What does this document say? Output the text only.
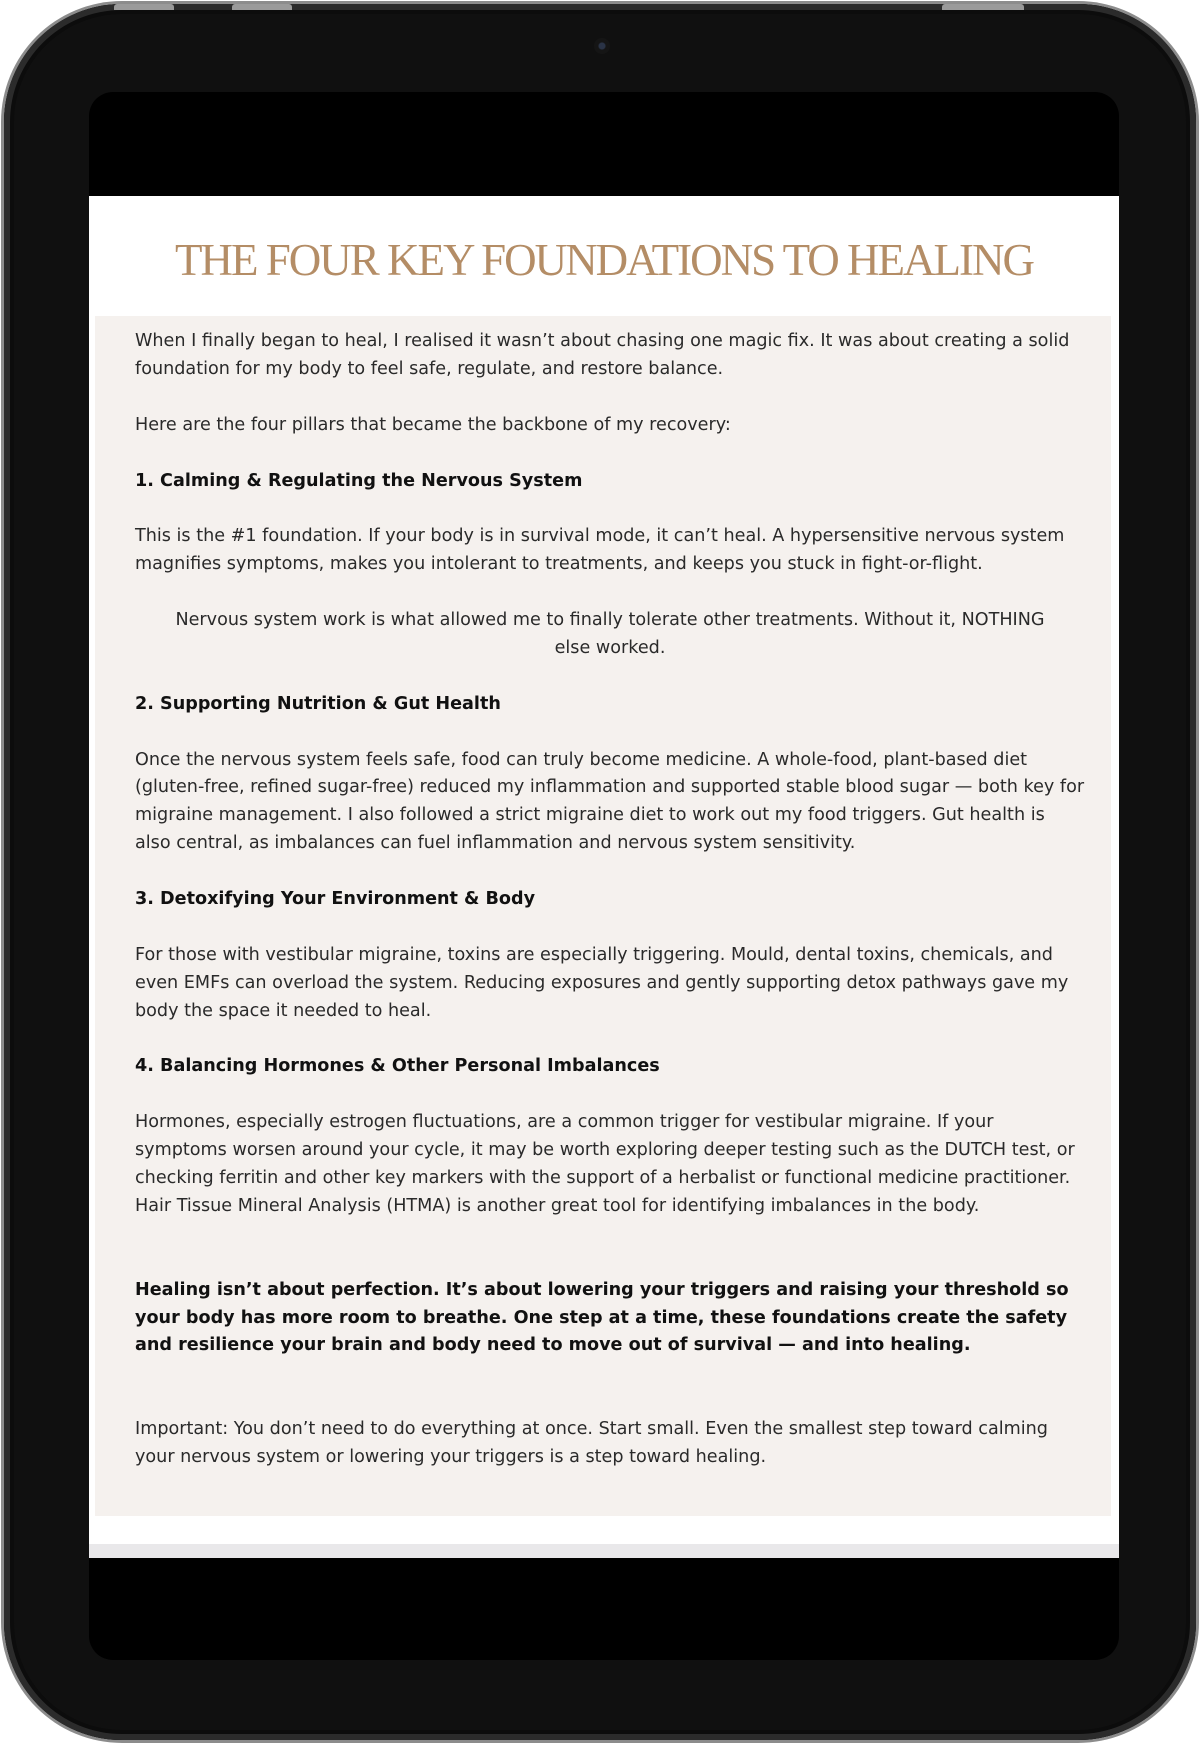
THE FOUR KEY FOUNDATIONS TO HEALING

When I finally began to heal, I realised it wasn’t about chasing one magic fix. It was about creating a solid foundation for my body to feel safe, regulate, and restore balance.

Here are the four pillars that became the backbone of my recovery:

1. Calming & Regulating the Nervous System

This is the #1 foundation. If your body is in survival mode, it can’t heal. A hypersensitive nervous system magnifies symptoms, makes you intolerant to treatments, and keeps you stuck in fight-or-flight.

Nervous system work is what allowed me to finally tolerate other treatments. Without it, NOTHING else worked.

2. Supporting Nutrition & Gut Health

Once the nervous system feels safe, food can truly become medicine. A whole-food, plant-based diet (gluten-free, refined sugar-free) reduced my inflammation and supported stable blood sugar — both key for migraine management. I also followed a strict migraine diet to work out my food triggers. Gut health is also central, as imbalances can fuel inflammation and nervous system sensitivity.

3. Detoxifying Your Environment & Body

For those with vestibular migraine, toxins are especially triggering. Mould, dental toxins, chemicals, and even EMFs can overload the system. Reducing exposures and gently supporting detox pathways gave my body the space it needed to heal.

4. Balancing Hormones & Other Personal Imbalances

Hormones, especially estrogen fluctuations, are a common trigger for vestibular migraine. If your symptoms worsen around your cycle, it may be worth exploring deeper testing such as the DUTCH test, or checking ferritin and other key markers with the support of a herbalist or functional medicine practitioner. Hair Tissue Mineral Analysis (HTMA) is another great tool for identifying imbalances in the body.

Healing isn’t about perfection. It’s about lowering your triggers and raising your threshold so your body has more room to breathe. One step at a time, these foundations create the safety and resilience your brain and body need to move out of survival — and into healing.

Important: You don’t need to do everything at once. Start small. Even the smallest step toward calming your nervous system or lowering your triggers is a step toward healing.
